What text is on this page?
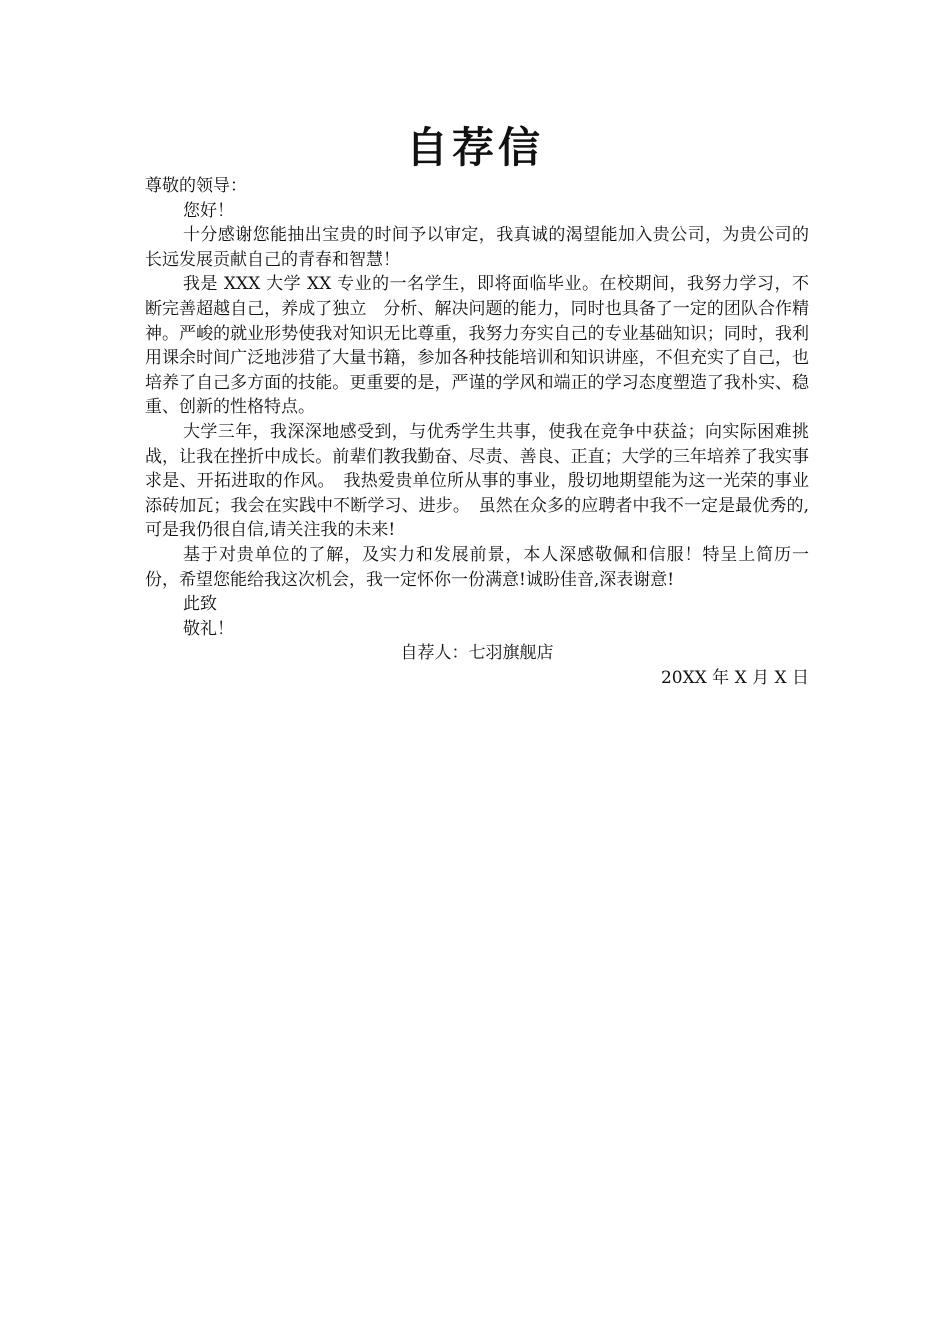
自荐信

尊敬的领导：

您好！

十分感谢您能抽出宝贵的时间予以审定，我真诚的渴望能加入贵公司，为贵公司的长远发展贡献自己的青春和智慧！

我是 XXX 大学 XX 专业的一名学生，即将面临毕业。在校期间，我努力学习，不断完善超越自己，养成了独立　分析、解决问题的能力，同时也具备了一定的团队合作精神。严峻的就业形势使我对知识无比尊重，我努力夯实自己的专业基础知识；同时，我利用课余时间广泛地涉猎了大量书籍，参加各种技能培训和知识讲座，不但充实了自己，也培养了自己多方面的技能。更重要的是，严谨的学风和端正的学习态度塑造了我朴实、稳重、创新的性格特点。

大学三年，我深深地感受到，与优秀学生共事，使我在竞争中获益；向实际困难挑战，让我在挫折中成长。前辈们教我勤奋、尽责、善良、正直；大学的三年培养了我实事求是、开拓进取的作风。　我热爱贵单位所从事的事业，殷切地期望能为这一光荣的事业添砖加瓦；我会在实践中不断学习、进步。　虽然在众多的应聘者中我不一定是最优秀的,可是我仍很自信,请关注我的未来!

基于对贵单位的了解，及实力和发展前景，本人深感敬佩和信服！特呈上简历一份，希望您能给我这次机会，我一定怀你一份满意!诚盼佳音,深表谢意!

此致

敬礼！

自荐人：七羽旗舰店

20XX 年 X 月 X 日
